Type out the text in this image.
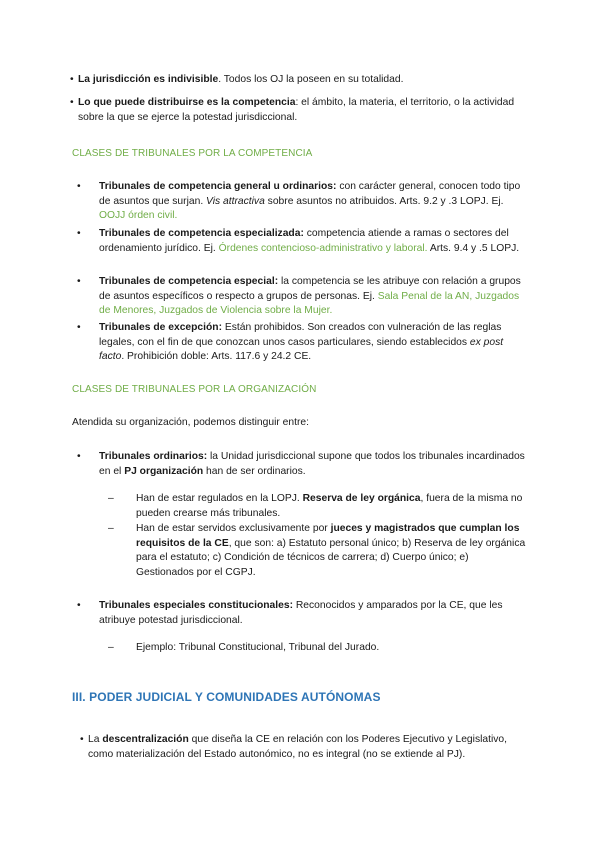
• La jurisdicción es indivisible. Todos los OJ la poseen en su totalidad.
• Lo que puede distribuirse es la competencia: el ámbito, la materia, el territorio, o la actividad sobre la que se ejerce la potestad jurisdiccional.
CLASES DE TRIBUNALES POR LA COMPETENCIA
• Tribunales de competencia general u ordinarios: con carácter general, conocen todo tipo de asuntos que surjan. Vis attractiva sobre asuntos no atribuidos. Arts. 9.2 y .3 LOPJ. Ej. OOJJ órden civil.
• Tribunales de competencia especializada: competencia atiende a ramas o sectores del ordenamiento jurídico. Ej. Órdenes contencioso-administrativo y laboral. Arts. 9.4 y .5 LOPJ.
• Tribunales de competencia especial: la competencia se les atribuye con relación a grupos de asuntos específicos o respecto a grupos de personas. Ej. Sala Penal de la AN, Juzgados de Menores, Juzgados de Violencia sobre la Mujer.
• Tribunales de excepción: Están prohibidos. Son creados con vulneración de las reglas legales, con el fin de que conozcan unos casos particulares, siendo establecidos ex post facto. Prohibición doble: Arts. 117.6 y 24.2 CE.
CLASES DE TRIBUNALES POR LA ORGANIZACIÓN
Atendida su organización, podemos distinguir entre:
• Tribunales ordinarios: la Unidad jurisdiccional supone que todos los tribunales incardinados en el PJ organización han de ser ordinarios.
– Han de estar regulados en la LOPJ. Reserva de ley orgánica, fuera de la misma no pueden crearse más tribunales.
– Han de estar servidos exclusivamente por jueces y magistrados que cumplan los requisitos de la CE, que son: a) Estatuto personal único; b) Reserva de ley orgánica para el estatuto; c) Condición de técnicos de carrera; d) Cuerpo único; e) Gestionados por el CGPJ.
• Tribunales especiales constitucionales: Reconocidos y amparados por la CE, que les atribuye potestad jurisdiccional.
– Ejemplo: Tribunal Constitucional, Tribunal del Jurado.
III. PODER JUDICIAL Y COMUNIDADES AUTÓNOMAS
• La descentralización que diseña la CE en relación con los Poderes Ejecutivo y Legislativo, como materialización del Estado autonómico, no es integral (no se extiende al PJ).
